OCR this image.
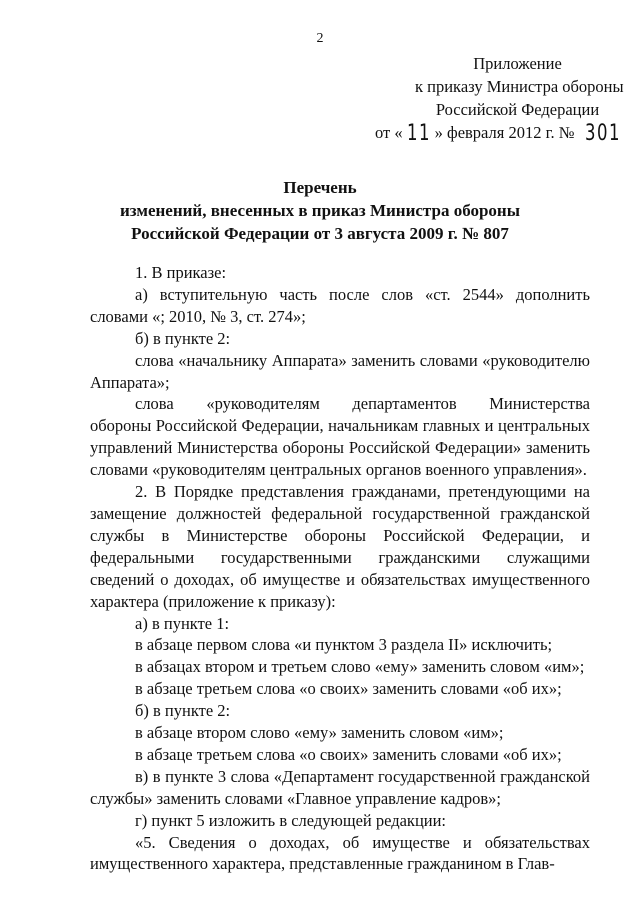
2
Приложение
к приказу Министра обороны
Российской Федерации
от « 11 » февраля 2012 г. № 301
Перечень
изменений, внесенных в приказ Министра обороны
Российской Федерации от 3 августа 2009 г. № 807
1. В приказе:
а) вступительную часть после слов «ст. 2544» дополнить словами «; 2010, № 3, ст. 274»;
б) в пункте 2:
слова «начальнику Аппарата» заменить словами «руководителю Аппарата»;
слова «руководителям департаментов Министерства
обороны Российской Федерации, начальникам главных и центральных управлений Министерства обороны Российской Федерации» заменить словами «руководителям центральных органов военного управления».
2. В Порядке представления гражданами, претендующими на замещение должностей федеральной государственной гражданской службы в Министерстве обороны Российской Федерации, и федеральными государственными гражданскими служащими сведений о доходах, об имуществе и обязательствах имущественного характера (приложение к приказу):
а) в пункте 1:
в абзаце первом слова «и пунктом 3 раздела II» исключить;
в абзацах втором и третьем слово «ему» заменить словом «им»;
в абзаце третьем слова «о своих» заменить словами «об их»;
б) в пункте 2:
в абзаце втором слово «ему» заменить словом «им»;
в абзаце третьем слова «о своих» заменить словами «об их»;
в) в пункте 3 слова «Департамент государственной гражданской службы» заменить словами «Главное управление кадров»;
г) пункт 5 изложить в следующей редакции:
«5. Сведения о доходах, об имуществе и обязательствах имущественного характера, представленные гражданином в Глав-
